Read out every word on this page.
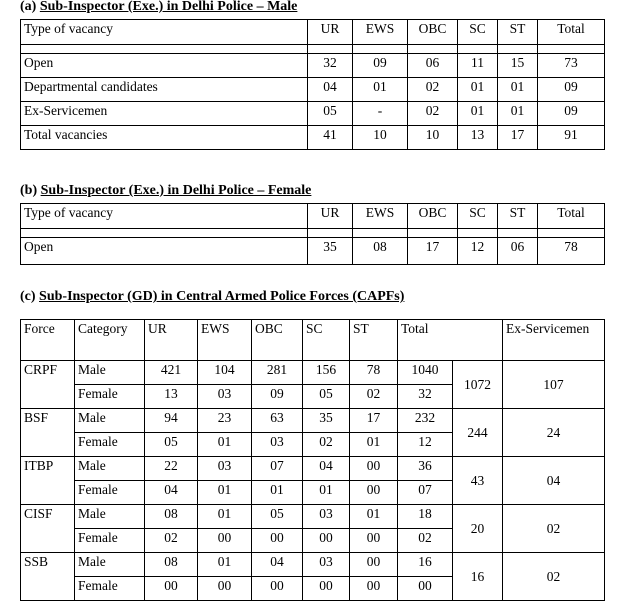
(a) Sub-Inspector (Exe.) in Delhi Police – Male
Type of vacancy	UR	EWS	OBC	SC	ST	Total

Open	32	09	06	11	15	73
Departmental candidates	04	01	02	01	01	09
Ex-Servicemen	05	-	02	01	01	09
Total vacancies	41	10	10	13	17	91
(b) Sub-Inspector (Exe.) in Delhi Police – Female
Type of vacancy	UR	EWS	OBC	SC	ST	Total

Open	35	08	17	12	06	78
(c) Sub-Inspector (GD) in Central Armed Police Forces (CAPFs)
Force	Category	UR	EWS	OBC	SC	ST	Total		Ex-Servicemen
CRPF	Male	421	104	281	156	78	1040	1072	107
	Female	13	03	09	05	02	32		
BSF	Male	94	23	63	35	17	232	244	24
	Female	05	01	03	02	01	12		
ITBP	Male	22	03	07	04	00	36	43	04
	Female	04	01	01	01	00	07		
CISF	Male	08	01	05	03	01	18	20	02
	Female	02	00	00	00	00	02		
SSB	Male	08	01	04	03	00	16	16	02
	Female	00	00	00	00	00	00		
